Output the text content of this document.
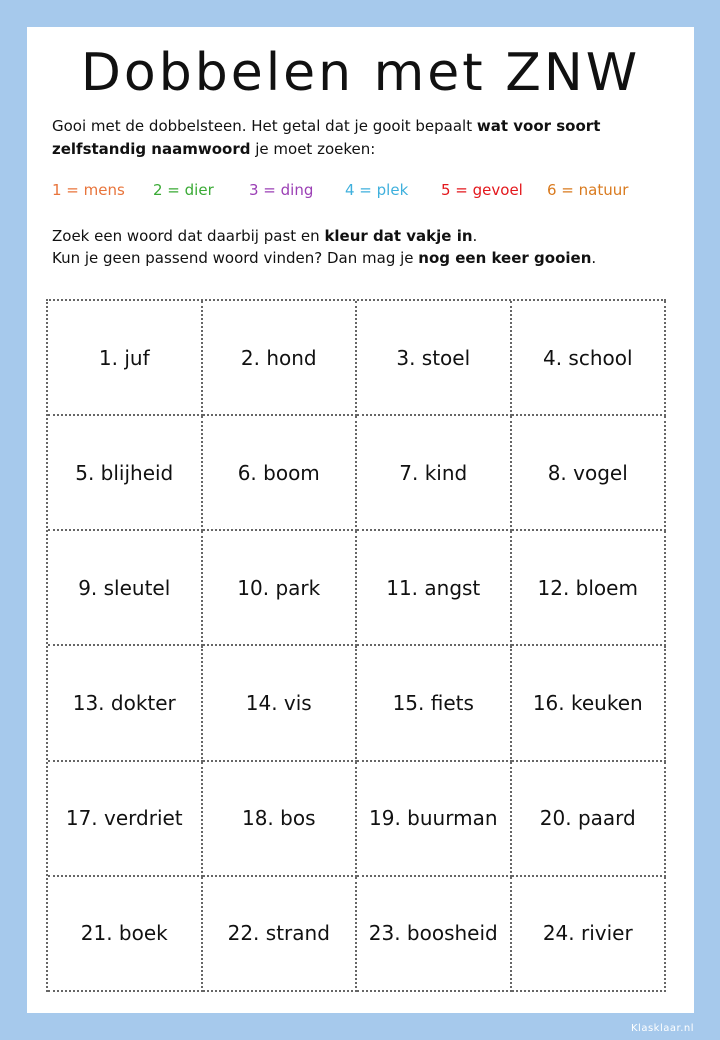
Dobbelen met ZNW
Gooi met de dobbelsteen. Het getal dat je gooit bepaalt wat voor soort zelfstandig naamwoord je moet zoeken:
1 = mens 2 = dier 3 = ding 4 = plek 5 = gevoel 6 = natuur
Zoek een woord dat daarbij past en kleur dat vakje in.
Kun je geen passend woord vinden? Dan mag je nog een keer gooien.
1. juf	2. hond	3. stoel	4. school
5. blijheid	6. boom	7. kind	8. vogel
9. sleutel	10. park	11. angst	12. bloem
13. dokter	14. vis	15. fiets	16. keuken
17. verdriet	18. bos	19. buurman	20. paard
21. boek	22. strand	23. boosheid	24. rivier
Klasklaar.nl
